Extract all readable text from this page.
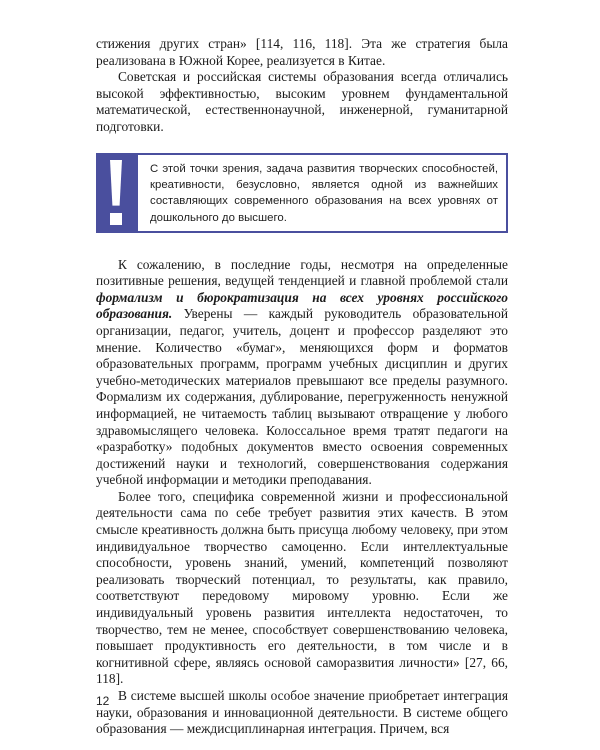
стижения других стран» [114, 116, 118]. Эта же стратегия была реализована в Южной Корее, реализуется в Китае.

Советская и российская системы образования всегда отличались высокой эффективностью, высоким уровнем фундаментальной математической, естественнонаучной, инженерной, гуманитарной подготовки.

С этой точки зрения, задача развития творческих способностей, креативности, безусловно, является одной из важнейших составляющих современного образования на всех уровнях от дошкольного до высшего.

К сожалению, в последние годы, несмотря на определенные позитивные решения, ведущей тенденцией и главной проблемой стали формализм и бюрократизация на всех уровнях российского образования. Уверены — каждый руководитель образовательной организации, педагог, учитель, доцент и профессор разделяют это мнение. Количество «бумаг», меняющихся форм и форматов образовательных программ, программ учебных дисциплин и других учебно-методических материалов превышают все пределы разумного. Формализм их содержания, дублирование, перегруженность ненужной информацией, не читаемость таблиц вызывают отвращение у любого здравомыслящего человека. Колоссальное время тратят педагоги на «разработку» подобных документов вместо освоения современных достижений науки и технологий, совершенствования содержания учебной информации и методики преподавания.

Более того, специфика современной жизни и профессиональной деятельности сама по себе требует развития этих качеств. В этом смысле креативность должна быть присуща любому человеку, при этом индивидуальное творчество самоценно. Если интеллектуальные способности, уровень знаний, умений, компетенций позволяют реализовать творческий потенциал, то результаты, как правило, соответствуют передовому мировому уровню. Если же индивидуальный уровень развития интеллекта недостаточен, то творчество, тем не менее, способствует совершенствованию человека, повышает продуктивность его деятельности, в том числе и в когнитивной сфере, являясь основой саморазвития личности» [27, 66, 118].

В системе высшей школы особое значение приобретает интеграция науки, образования и инновационной деятельности. В системе общего образования — междисциплинарная интеграция. Причем, вся

12
